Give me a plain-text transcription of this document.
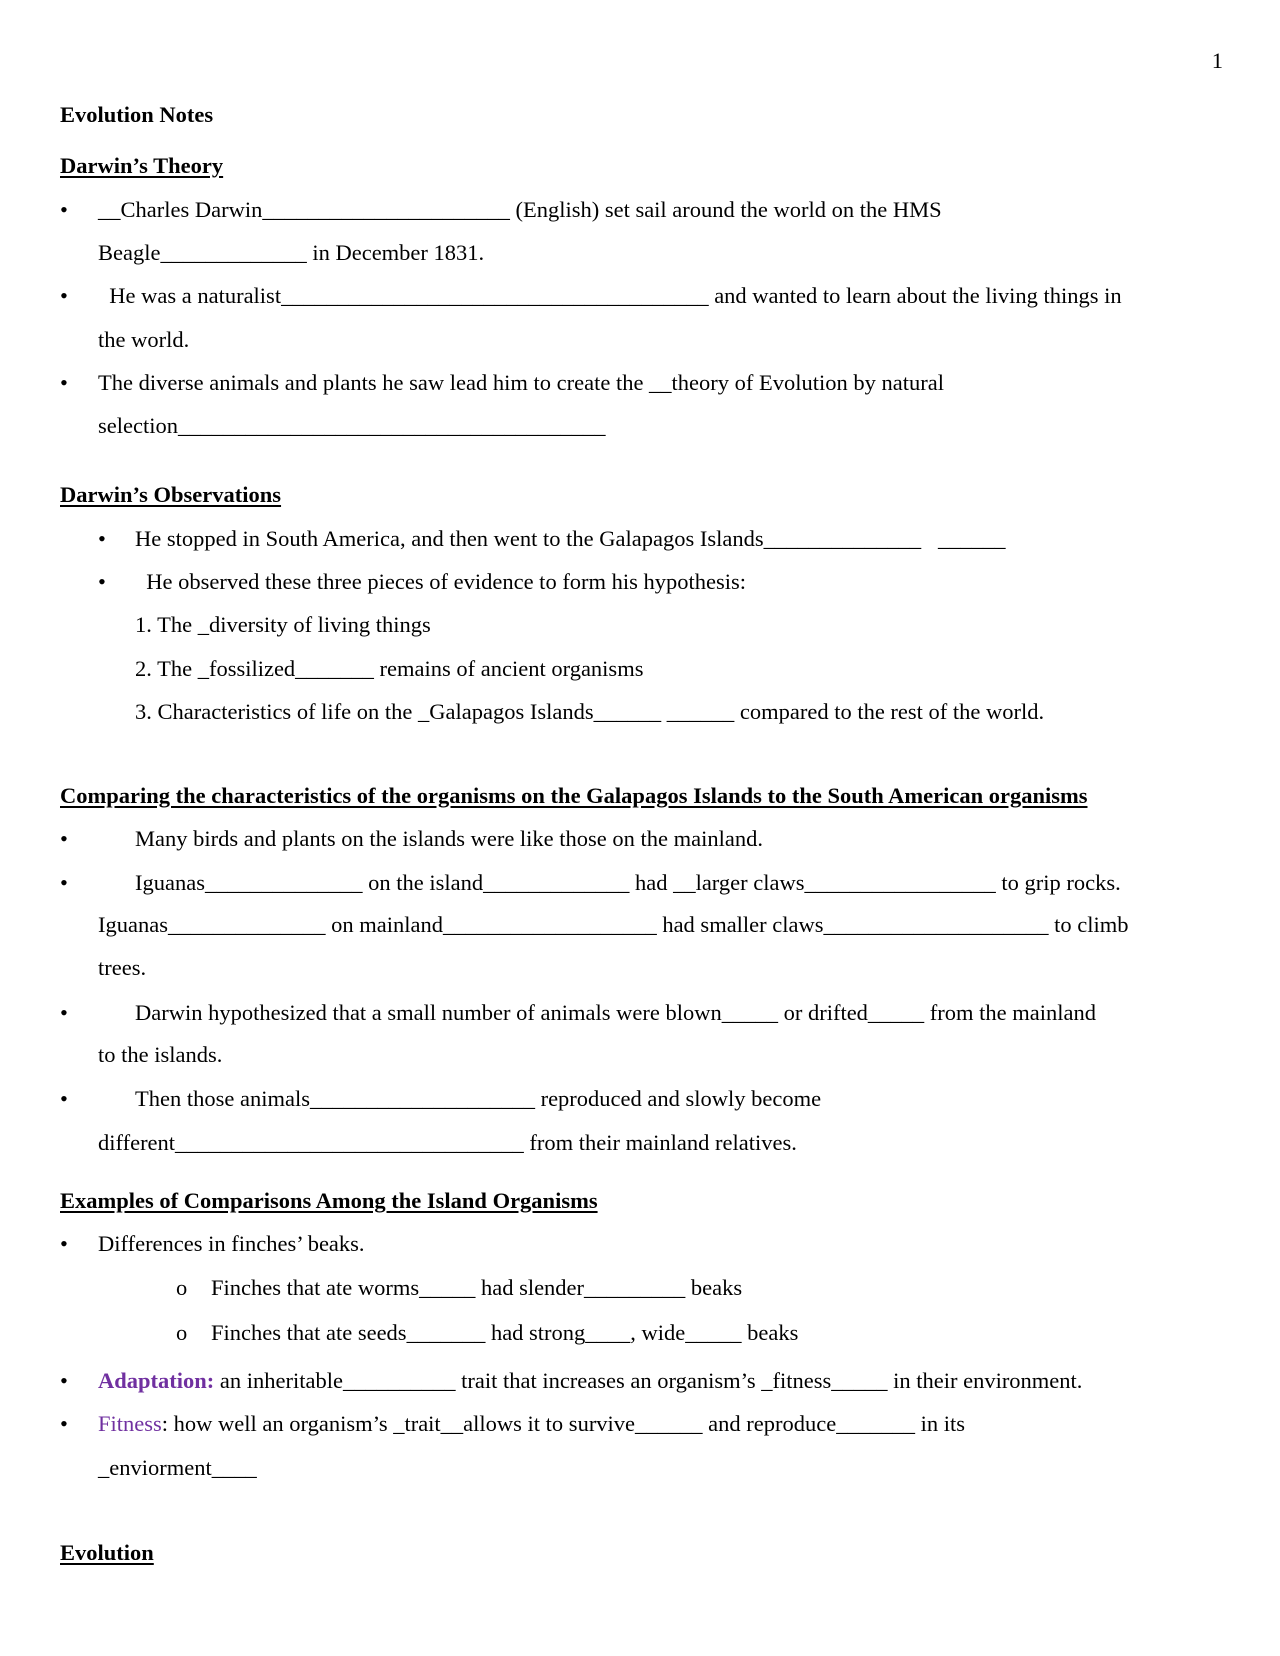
1
Evolution Notes
Darwin’s Theory
• __Charles Darwin______________________ (English) set sail around the world on the HMS
Beagle_____________ in December 1831.
• He was a naturalist______________________________________ and wanted to learn about the living things in
the world.
• The diverse animals and plants he saw lead him to create the __theory of Evolution by natural
selection______________________________________
Darwin’s Observations
• He stopped in South America, and then went to the Galapagos Islands______________   ______
• He observed these three pieces of evidence to form his hypothesis:
1. The _diversity of living things
2. The _fossilized_______ remains of ancient organisms
3. Characteristics of life on the _Galapagos Islands______ ______ compared to the rest of the world.
Comparing the characteristics of the organisms on the Galapagos Islands to the South American organisms
•	Many birds and plants on the islands were like those on the mainland.
•	Iguanas______________ on the island_____________ had __larger claws_________________ to grip rocks.
Iguanas______________ on mainland___________________ had smaller claws____________________ to climb
trees.
•	Darwin hypothesized that a small number of animals were blown_____ or drifted_____ from the mainland
to the islands.
•	Then those animals____________________ reproduced and slowly become
different_______________________________ from their mainland relatives.
Examples of Comparisons Among the Island Organisms
• Differences in finches’ beaks.
o Finches that ate worms_____ had slender_________ beaks
o Finches that ate seeds_______ had strong____, wide_____ beaks
• Adaptation: an inheritable__________ trait that increases an organism’s _fitness_____ in their environment.
• Fitness: how well an organism’s _trait__allows it to survive______ and reproduce_______ in its
_enviorment____
Evolution
